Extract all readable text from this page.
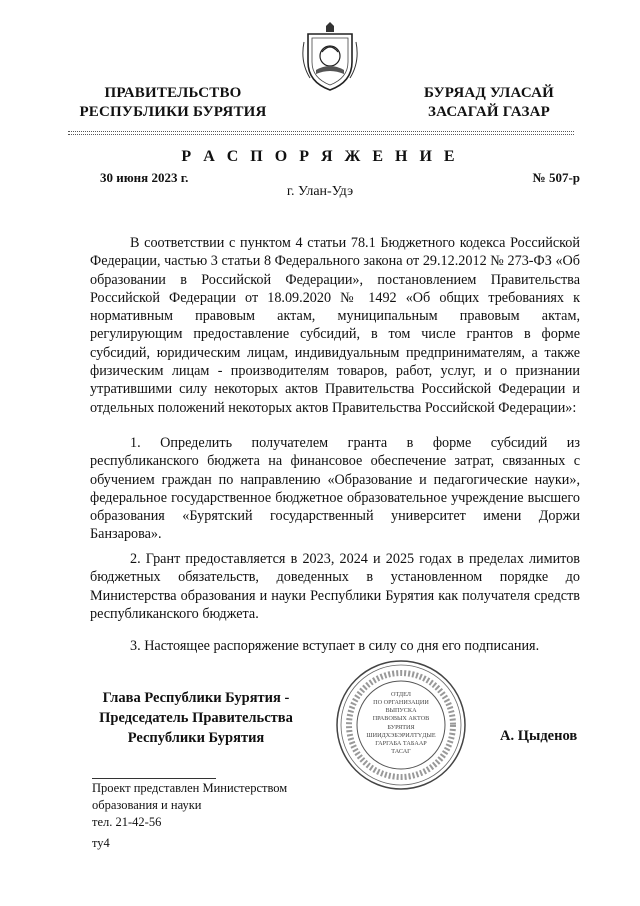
ПРАВИТЕЛЬСТВО
РЕСПУБЛИКИ БУРЯТИЯ
БУРЯАД УЛАСАЙ
ЗАСАГАЙ ГАЗАР
Р А С П О Р Я Ж Е Н И Е
30 июня 2023 г.	№ 507-р
г. Улан-Удэ

В соответствии с пунктом 4 статьи 78.1 Бюджетного кодекса Российской Федерации, частью 3 статьи 8 Федерального закона от 29.12.2012 № 273-ФЗ «Об образовании в Российской Федерации», постановлением Правительства Российской Федерации от 18.09.2020 № 1492 «Об общих требованиях к нормативным правовым актам, муниципальным правовым актам, регулирующим предоставление субсидий, в том числе грантов в форме субсидий, юридическим лицам, индивидуальным предпринимателям, а также физическим лицам - производителям товаров, работ, услуг, и о признании утратившими силу некоторых актов Правительства Российской Федерации и отдельных положений некоторых актов Правительства Российской Федерации»:

1. Определить получателем гранта в форме субсидий из республиканского бюджета на финансовое обеспечение затрат, связанных с обучением граждан по направлению «Образование и педагогические науки», федеральное государственное бюджетное образовательное учреждение высшего образования «Бурятский государственный университет имени Доржи Банзарова».

2. Грант предоставляется в 2023, 2024 и 2025 годах в пределах лимитов бюджетных обязательств, доведенных в установленном порядке до Министерства образования и науки Республики Бурятия как получателя средств республиканского бюджета.

3. Настоящее распоряжение вступает в силу со дня его подписания.

Глава Республики Бурятия -
Председатель Правительства
Республики Бурятия
ОТДЕЛ
ПО ОРГАНИЗАЦИИ
ВЫПУСКА
ПРАВОВЫХ АКТОВ
БУРЯТИЯ
ШИИДХЭБЭРИЛТҮДЫЕ
ГАРГАБА ТАБААР
ТАСАГ
А. Цыденов
Проект представлен Министерством
образования и науки
тел. 21-42-56
ту4
